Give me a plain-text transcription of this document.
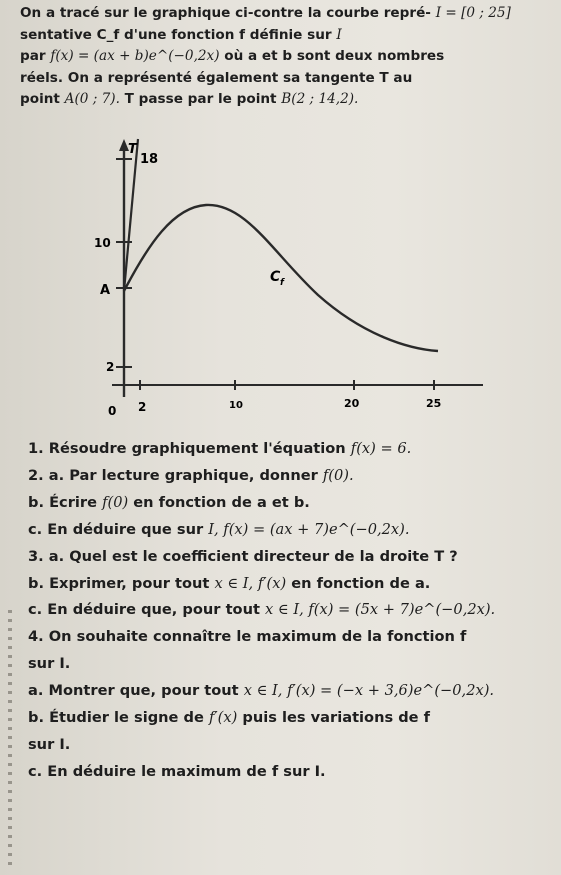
On a tracé sur le graphique ci-contre la courbe repré- I = [0 ; 25]

sentative C_f d'une fonction f définie sur I

par f(x) = (ax + b)e^(−0,2x) où a et b sont deux nombres

réels. On a représenté également sa tangente T au

point A(0 ; 7). T passe par le point B(2 ; 14,2).

T
18
10
A
C f
2
0 2	10	20	25

1. Résoudre graphiquement l'équation f(x) = 6.

2. a. Par lecture graphique, donner f(0).

b. Écrire f(0) en fonction de a et b.

c. En déduire que sur I, f(x) = (ax + 7)e^(−0,2x).

3. a. Quel est le coefficient directeur de la droite T ?

b. Exprimer, pour tout x ∈ I, f′(x) en fonction de a.

c. En déduire que, pour tout x ∈ I, f(x) = (5x + 7)e^(−0,2x).

4. On souhaite connaître le maximum de la fonction f

sur I.

a. Montrer que, pour tout x ∈ I, f′(x) = (−x + 3,6)e^(−0,2x).

b. Étudier le signe de f′(x) puis les variations de f

sur I.

c. En déduire le maximum de f sur I.
